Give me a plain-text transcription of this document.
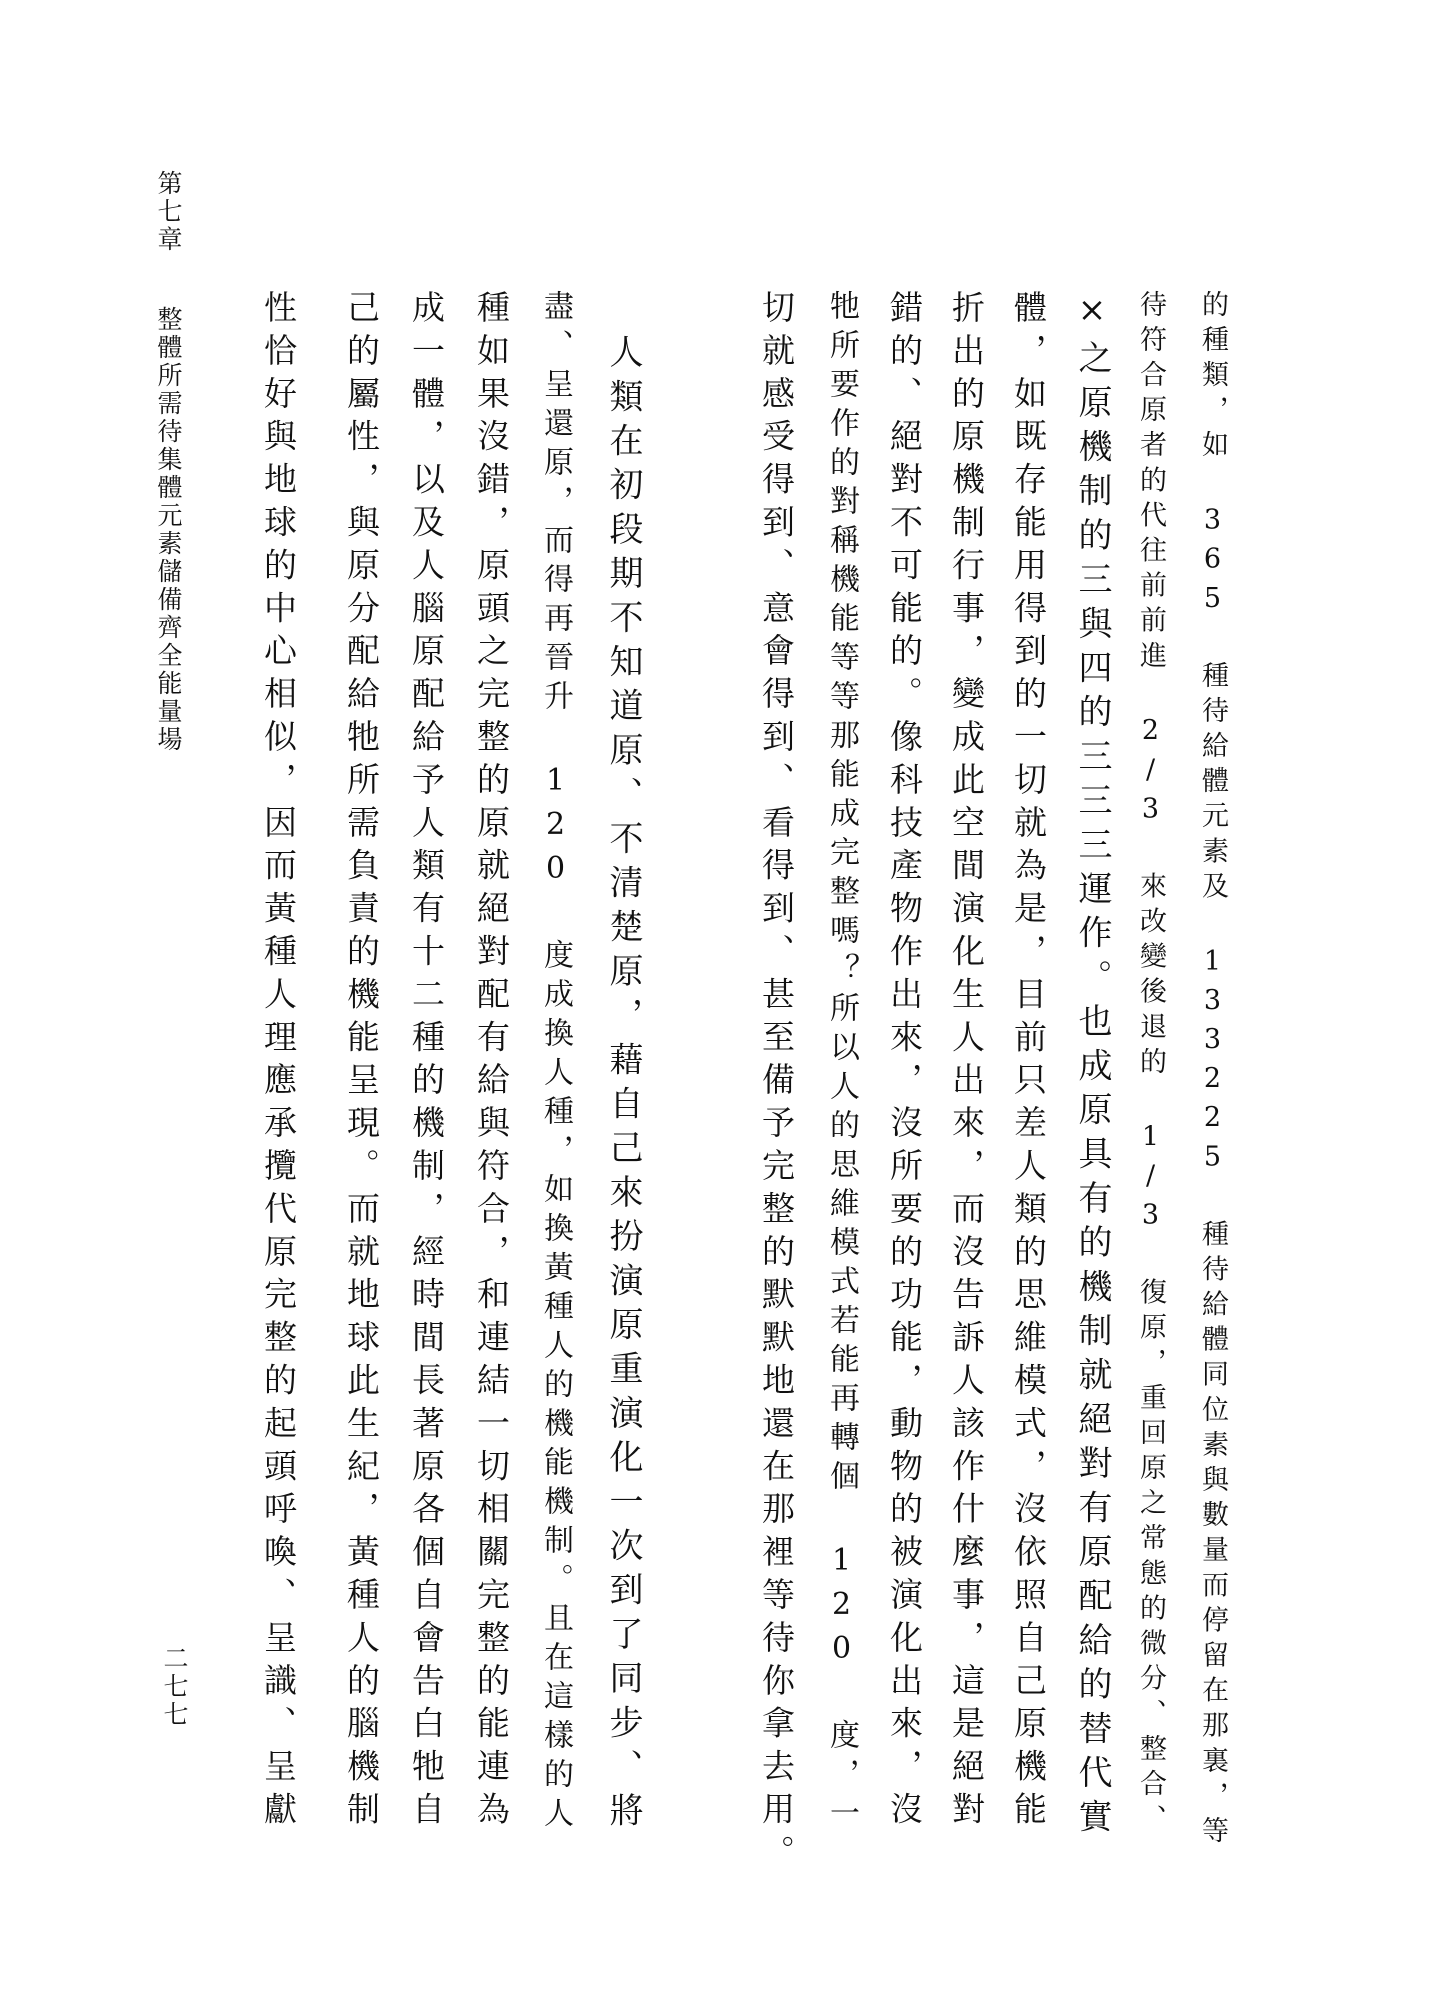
第七章整體所需待集體元素儲備齊全能量場	的種類，如 365 種待給體元素及 133225 種待給體同位素與數量而停留在那裏，等
待符合原者的代往前前進 2/3 來改變後退的 1/3 復原，重回原之常態的微分、整合、
×之原機制的三與四的三三三運作。也成原具有的機制就絕對有原配給的替代實
體，如既存能用得到的一切就為是，目前只差人類的思維模式，沒依照自己原機能
折出的原機制行事，變成此空間演化生人出來，而沒告訴人該作什麼事，這是絕對
錯的、絕對不可能的。像科技產物作出來，沒所要的功能，動物的被演化出來，沒
牠所要作的對稱機能等等那能成完整嗎？所以人的思維模式若能再轉個 120 度，一
切就感受得到、意會得到、看得到、甚至備予完整的默默地還在那裡等待你拿去用。
　人類在初段期不知道原、不清楚原，藉自己來扮演原重演化一次到了同步、將
盡、呈還原，而得再晉升 120 度成換人種，如換黃種人的機能機制。且在這樣的人
種如果沒錯，原頭之完整的原就絕對配有給與符合，和連結一切相關完整的能連為
成一體，以及人腦原配給予人類有十二種的機制，經時間長著原各個自會告白牠自
己的屬性，與原分配給牠所需負責的機能呈現。而就地球此生紀，黃種人的腦機制
性恰好與地球的中心相似，因而黃種人理應承攬代原完整的起頭呼喚、呈識、呈獻
二七七
